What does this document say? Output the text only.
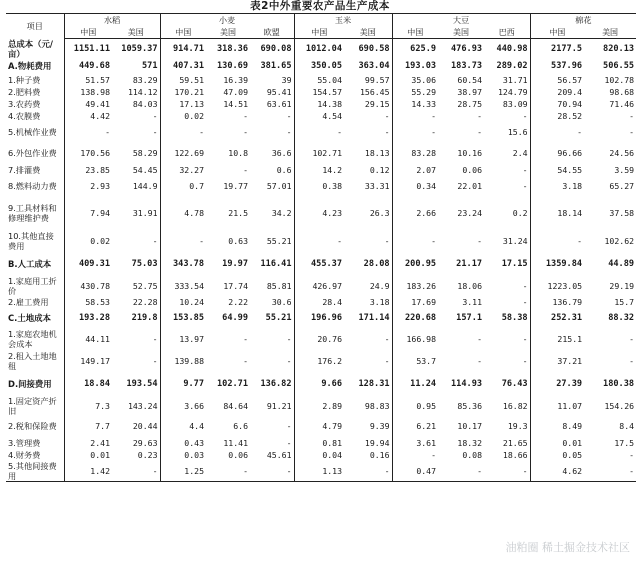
表2中外重要农产品生产成本
项目	水稻		小麦			玉米		大豆			棉花	
	中国	美国	中国	美国	欧盟	中国	美国	中国	美国	巴西	中国	美国
总成本（元/亩）	1151.11	1059.37	914.71	318.36	690.08	1012.04	690.58	625.9	476.93	440.98	2177.5	820.13
A.物耗费用	449.68	571	407.31	130.69	381.65	350.05	363.04	193.03	183.73	289.02	537.96	506.55
1.种子费	51.57	83.29	59.51	16.39	39	55.04	99.57	35.06	60.54	31.71	56.57	102.78
2.肥料费	138.98	114.12	170.21	47.09	95.41	154.57	156.45	55.29	38.97	124.79	209.4	98.68
3.农药费	49.41	84.03	17.13	14.51	63.61	14.38	29.15	14.33	28.75	83.09	70.94	71.46
4.农膜费	4.42	-	0.02	-	-	4.54	-	-	-	-	28.52	-
5.机械作业费	-	-	-	-	-	-	-	-	-	15.6	-	-
6.外包作业费	170.56	58.29	122.69	10.8	36.6	102.71	18.13	83.28	10.16	2.4	96.66	24.56
7.排灌费	23.85	54.45	32.27	-	0.6	14.2	0.12	2.07	0.06	-	54.55	3.59
8.燃料动力费	2.93	144.9	0.7	19.77	57.01	0.38	33.31	0.34	22.01	-	3.18	65.27
9.工具材料和修理维护费	7.94	31.91	4.78	21.5	34.2	4.23	26.3	2.66	23.24	0.2	18.14	37.58
10.其他直接费用	0.02	-	-	0.63	55.21	-	-	-	-	31.24	-	102.62
B.人工成本	409.31	75.03	343.78	19.97	116.41	455.37	28.08	200.95	21.17	17.15	1359.84	44.89
1.家庭用工折价	430.78	52.75	333.54	17.74	85.81	426.97	24.9	183.26	18.06	-	1223.05	29.19
2.雇工费用	58.53	22.28	10.24	2.22	30.6	28.4	3.18	17.69	3.11	-	136.79	15.7
C.土地成本	193.28	219.8	153.85	64.99	55.21	196.96	171.14	220.68	157.1	58.38	252.31	88.32
1.家庭农地机会成本	44.11	-	13.97	-	-	20.76	-	166.98	-	-	215.1	-
2.租入土地地租	149.17	-	139.88	-	-	176.2	-	53.7	-	-	37.21	-
D.间接费用	18.84	193.54	9.77	102.71	136.82	9.66	128.31	11.24	114.93	76.43	27.39	180.38
1.固定资产折旧	7.3	143.24	3.66	84.64	91.21	2.89	98.83	0.95	85.36	16.82	11.07	154.26
2.税和保险费	7.7	20.44	4.4	6.6	-	4.79	9.39	6.21	10.17	19.3	8.49	8.4
3.管理费	2.41	29.63	0.43	11.41	-	0.81	19.94	3.61	18.32	21.65	0.01	17.5
4.财务费	0.01	0.23	0.03	0.06	45.61	0.04	0.16	-	0.08	18.66	0.05	-
5.其他间接费用	1.42	-	1.25	-	-	1.13	-	0.47	-	-	4.62	-
油粕圈 稀土掘金技术社区
